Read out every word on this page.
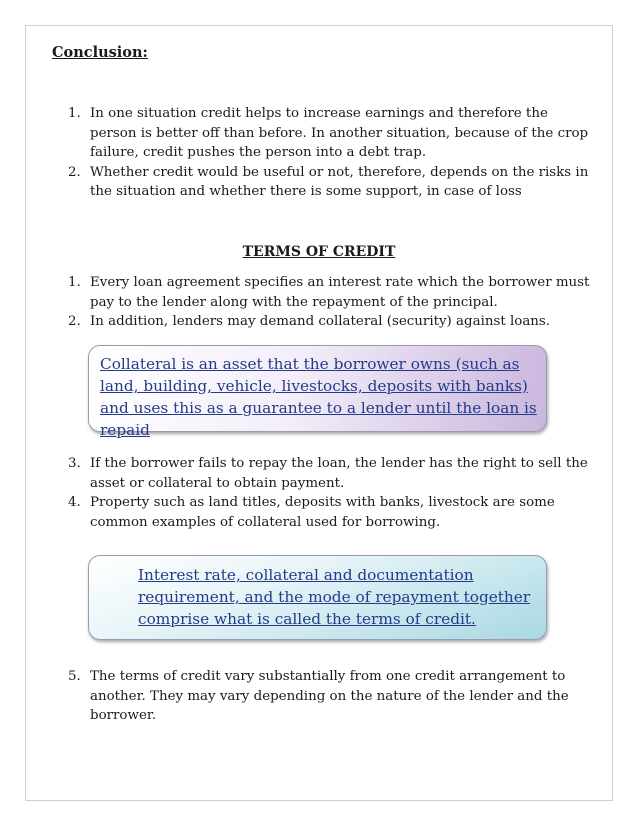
Conclusion:
1. In one situation credit helps to increase earnings and therefore the person is better off than before. In another situation, because of the crop failure, credit pushes the person into a debt trap.
2. Whether credit would be useful or not, therefore, depends on the risks in the situation and whether there is some support, in case of loss
TERMS OF CREDIT
1. Every loan agreement specifies an interest rate which the borrower must pay to the lender along with the repayment of the principal.
2. In addition, lenders may demand collateral (security) against loans.

Collateral is an asset that the borrower owns (such as land, building, vehicle, livestocks, deposits with banks) and uses this as a guarantee to a lender until the loan is repaid

3. If the borrower fails to repay the loan, the lender has the right to sell the asset or collateral to obtain payment.
4. Property such as land titles, deposits with banks, livestock are some common examples of collateral used for borrowing.

Interest rate, collateral and documentation requirement, and the mode of repayment together comprise what is called the terms of credit.

5. The terms of credit vary substantially from one credit arrangement to another. They may vary depending on the nature of the lender and the borrower.
